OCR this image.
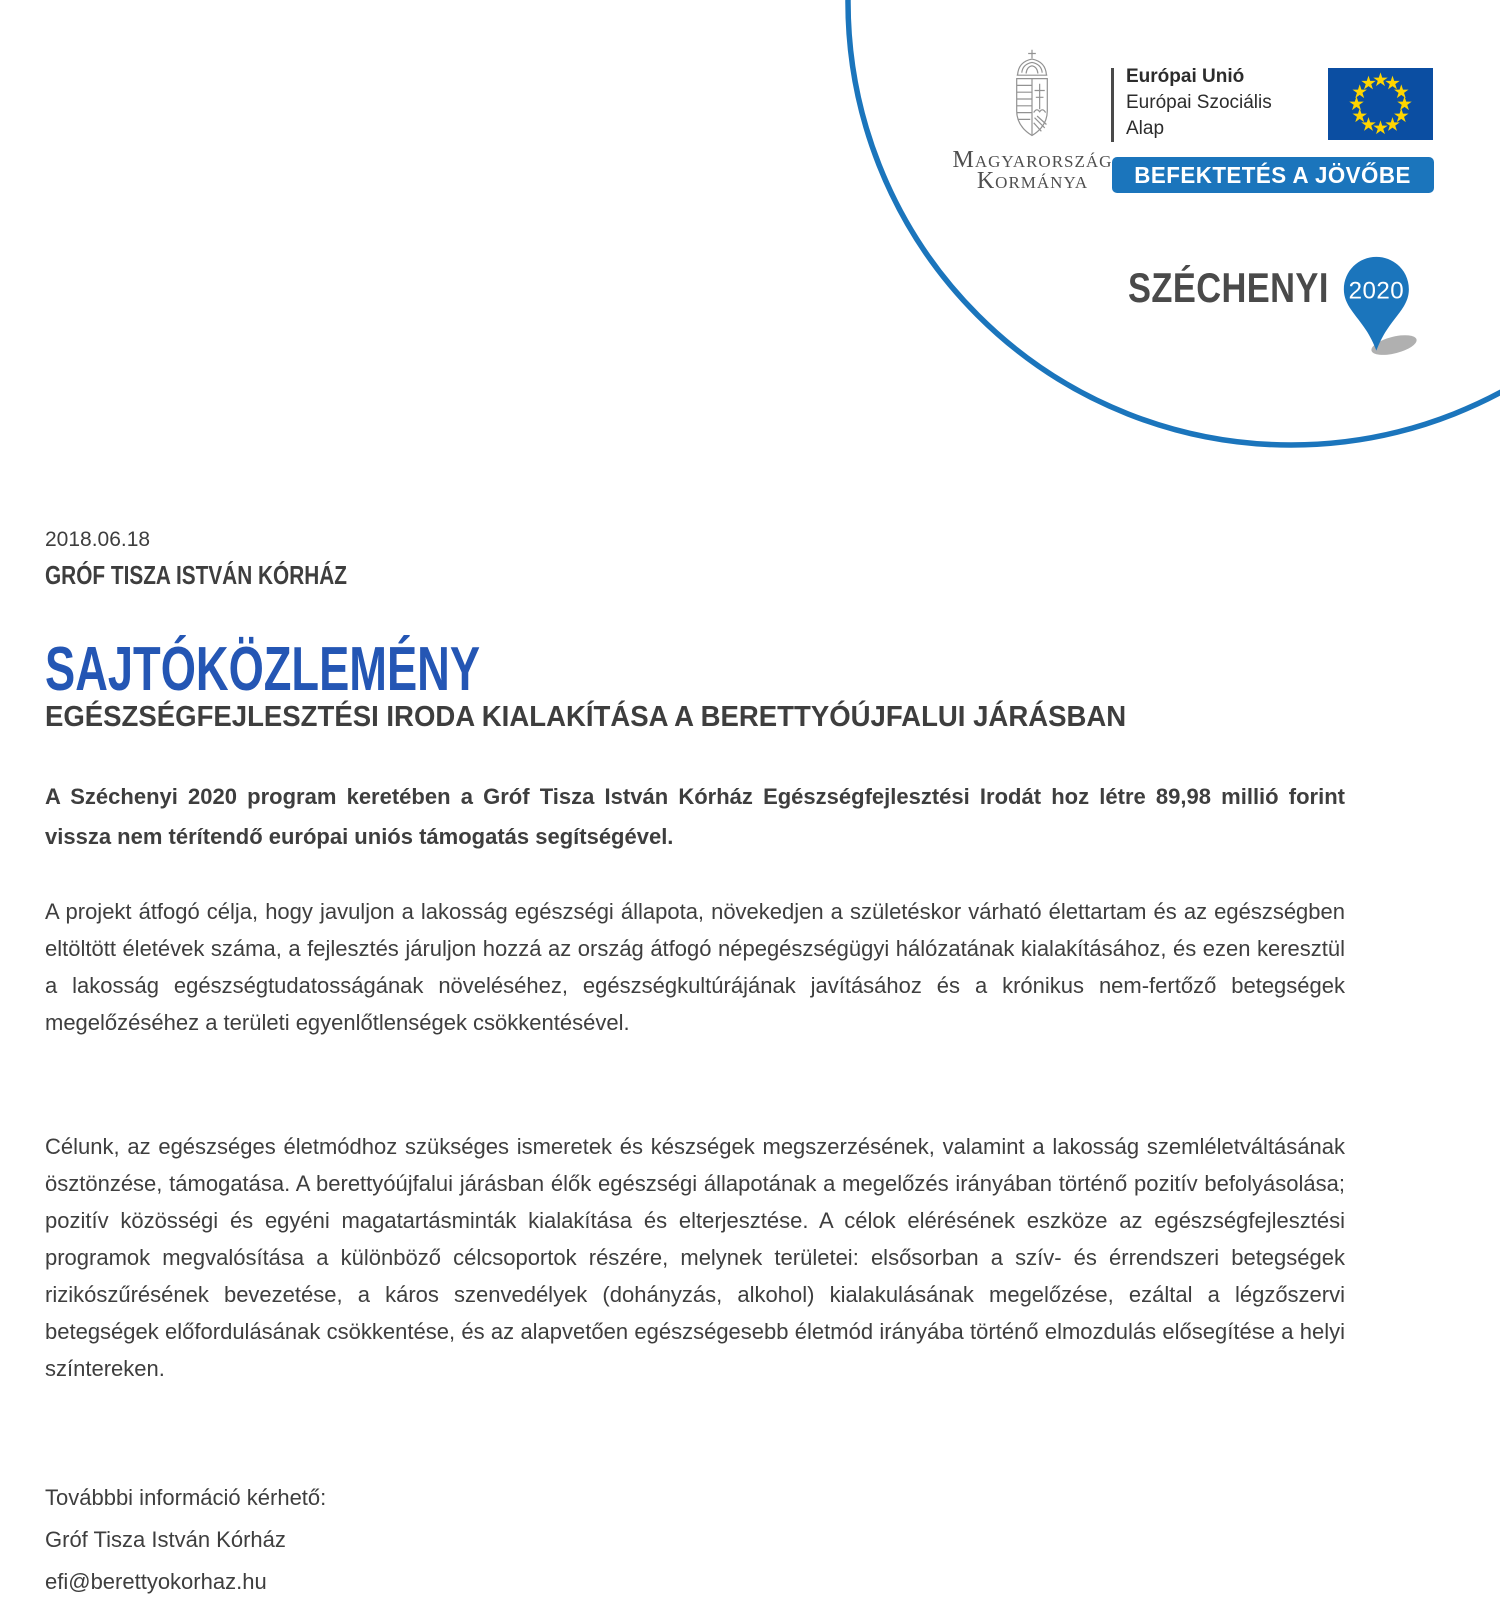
Magyarország
Kormánya
Európai Unió
Európai Szociális
Alap
BEFEKTETÉS A JÖVŐBE
SZÉCHENYI 2020
2018.06.18
GRÓF TISZA ISTVÁN KÓRHÁZ
SAJTÓKÖZLEMÉNY
EGÉSZSÉGFEJLESZTÉSI IRODA KIALAKÍTÁSA A BERETTYÓÚJFALUI JÁRÁSBAN

A Széchenyi 2020 program keretében a Gróf Tisza István Kórház Egészségfejlesztési Irodát hoz létre 89,98 millió forint vissza nem térítendő európai uniós támogatás segítségével.

A projekt átfogó célja, hogy javuljon a lakosság egészségi állapota, növekedjen a születéskor várható élettartam és az egészségben eltöltött életévek száma, a fejlesztés járuljon hozzá az ország átfogó népegészségügyi hálózatának kialakításához, és ezen keresztül a lakosság egészségtudatosságának növeléséhez, egészségkultúrájának javításához és a krónikus nem-fertőző betegségek megelőzéséhez a területi egyenlőtlenségek csökkentésével.

Célunk, az egészséges életmódhoz szükséges ismeretek és készségek megszerzésének, valamint a lakosság szemléletváltásának ösztönzése, támogatása. A berettyóújfalui járásban élők egészségi állapotának a megelőzés irányában történő pozitív befolyásolása; pozitív közösségi és egyéni magatartásminták kialakítása és elterjesztése. A célok elérésének eszköze az egészségfejlesztési programok megvalósítása a különböző célcsoportok részére, melynek területei: elsősorban a szív- és érrendszeri betegségek rizikószűrésének bevezetése, a káros szenvedélyek (dohányzás, alkohol) kialakulásának megelőzése, ezáltal a légzőszervi betegségek előfordulásának csökkentése, és az alapvetően egészségesebb életmód irányába történő elmozdulás elősegítése a helyi színtereken.

Továbbbi információ kérhető:
Gróf Tisza István Kórház
efi@berettyokorhaz.hu
